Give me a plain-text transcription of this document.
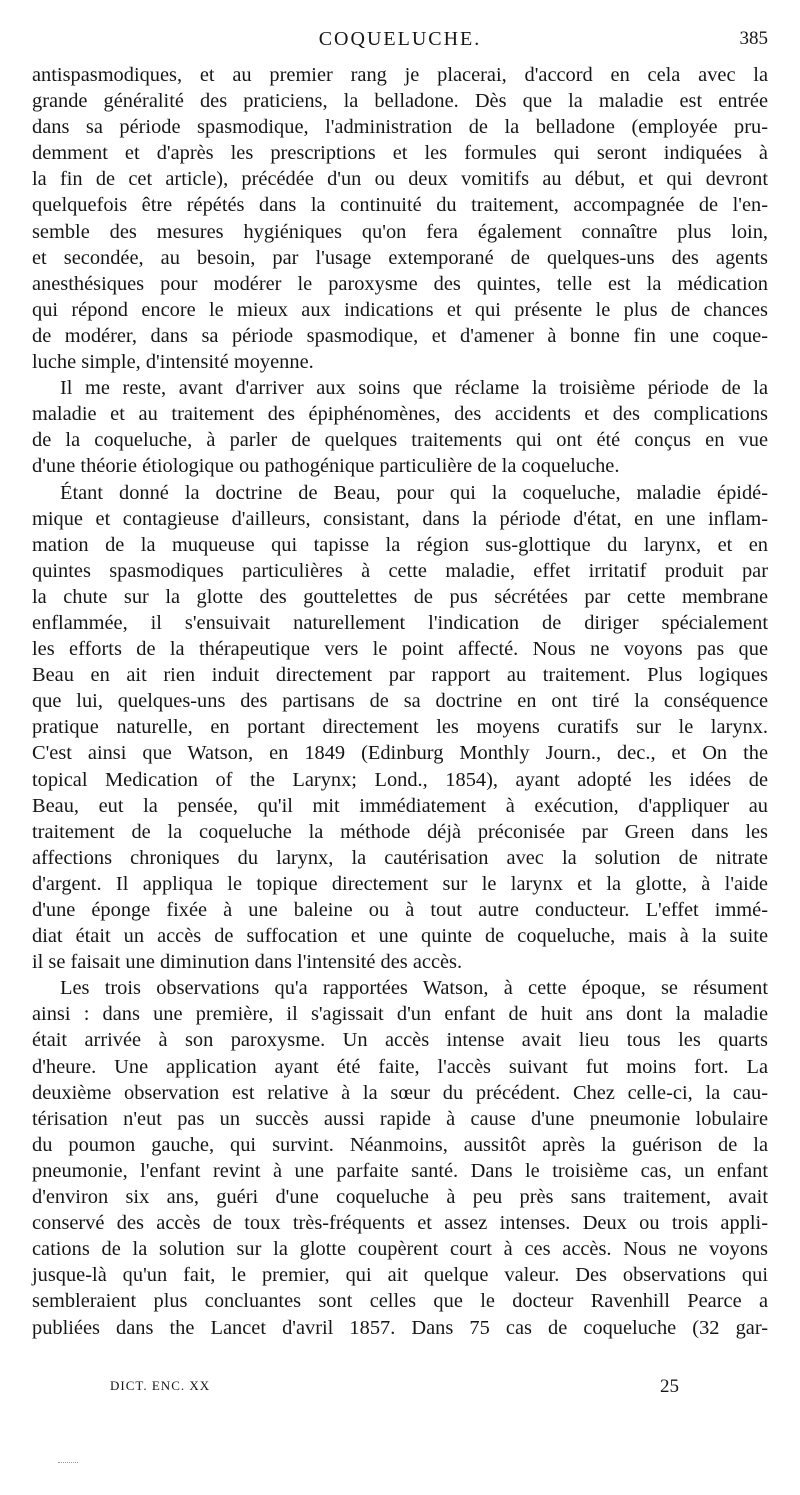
COQUELUCHE.	385

antispasmodiques, et au premier rang je placerai, d'accord en cela avec la

grande généralité des praticiens, la belladone. Dès que la maladie est entrée

dans sa période spasmodique, l'administration de la belladone (employée pru-

demment et d'après les prescriptions et les formules qui seront indiquées à

la fin de cet article), précédée d'un ou deux vomitifs au début, et qui devront

quelquefois être répétés dans la continuité du traitement, accompagnée de l'en-

semble des mesures hygiéniques qu'on fera également connaître plus loin,

et secondée, au besoin, par l'usage extemporané de quelques-uns des agents

anesthésiques pour modérer le paroxysme des quintes, telle est la médication

qui répond encore le mieux aux indications et qui présente le plus de chances

de modérer, dans sa période spasmodique, et d'amener à bonne fin une coque-

luche simple, d'intensité moyenne.

Il me reste, avant d'arriver aux soins que réclame la troisième période de la

maladie et au traitement des épiphénomènes, des accidents et des complications

de la coqueluche, à parler de quelques traitements qui ont été conçus en vue

d'une théorie étiologique ou pathogénique particulière de la coqueluche.

Étant donné la doctrine de Beau, pour qui la coqueluche, maladie épidé-

mique et contagieuse d'ailleurs, consistant, dans la période d'état, en une inflam-

mation de la muqueuse qui tapisse la région sus-glottique du larynx, et en

quintes spasmodiques particulières à cette maladie, effet irritatif produit par

la chute sur la glotte des gouttelettes de pus sécrétées par cette membrane

enflammée, il s'ensuivait naturellement l'indication de diriger spécialement

les efforts de la thérapeutique vers le point affecté. Nous ne voyons pas que

Beau en ait rien induit directement par rapport au traitement. Plus logiques

que lui, quelques-uns des partisans de sa doctrine en ont tiré la conséquence

pratique naturelle, en portant directement les moyens curatifs sur le larynx.

C'est ainsi que Watson, en 1849 (Edinburg Monthly Journ., dec., et On the

topical Medication of the Larynx; Lond., 1854), ayant adopté les idées de

Beau, eut la pensée, qu'il mit immédiatement à exécution, d'appliquer au

traitement de la coqueluche la méthode déjà préconisée par Green dans les

affections chroniques du larynx, la cautérisation avec la solution de nitrate

d'argent. Il appliqua le topique directement sur le larynx et la glotte, à l'aide

d'une éponge fixée à une baleine ou à tout autre conducteur. L'effet immé-

diat était un accès de suffocation et une quinte de coqueluche, mais à la suite

il se faisait une diminution dans l'intensité des accès.

Les trois observations qu'a rapportées Watson, à cette époque, se résument

ainsi : dans une première, il s'agissait d'un enfant de huit ans dont la maladie

était arrivée à son paroxysme. Un accès intense avait lieu tous les quarts

d'heure. Une application ayant été faite, l'accès suivant fut moins fort. La

deuxième observation est relative à la sœur du précédent. Chez celle-ci, la cau-

térisation n'eut pas un succès aussi rapide à cause d'une pneumonie lobulaire

du poumon gauche, qui survint. Néanmoins, aussitôt après la guérison de la

pneumonie, l'enfant revint à une parfaite santé. Dans le troisième cas, un enfant

d'environ six ans, guéri d'une coqueluche à peu près sans traitement, avait

conservé des accès de toux très-fréquents et assez intenses. Deux ou trois appli-

cations de la solution sur la glotte coupèrent court à ces accès. Nous ne voyons

jusque-là qu'un fait, le premier, qui ait quelque valeur. Des observations qui

sembleraient plus concluantes sont celles que le docteur Ravenhill Pearce a

publiées dans the Lancet d'avril 1857. Dans 75 cas de coqueluche (32 gar-

DICT. ENC. XX	25
